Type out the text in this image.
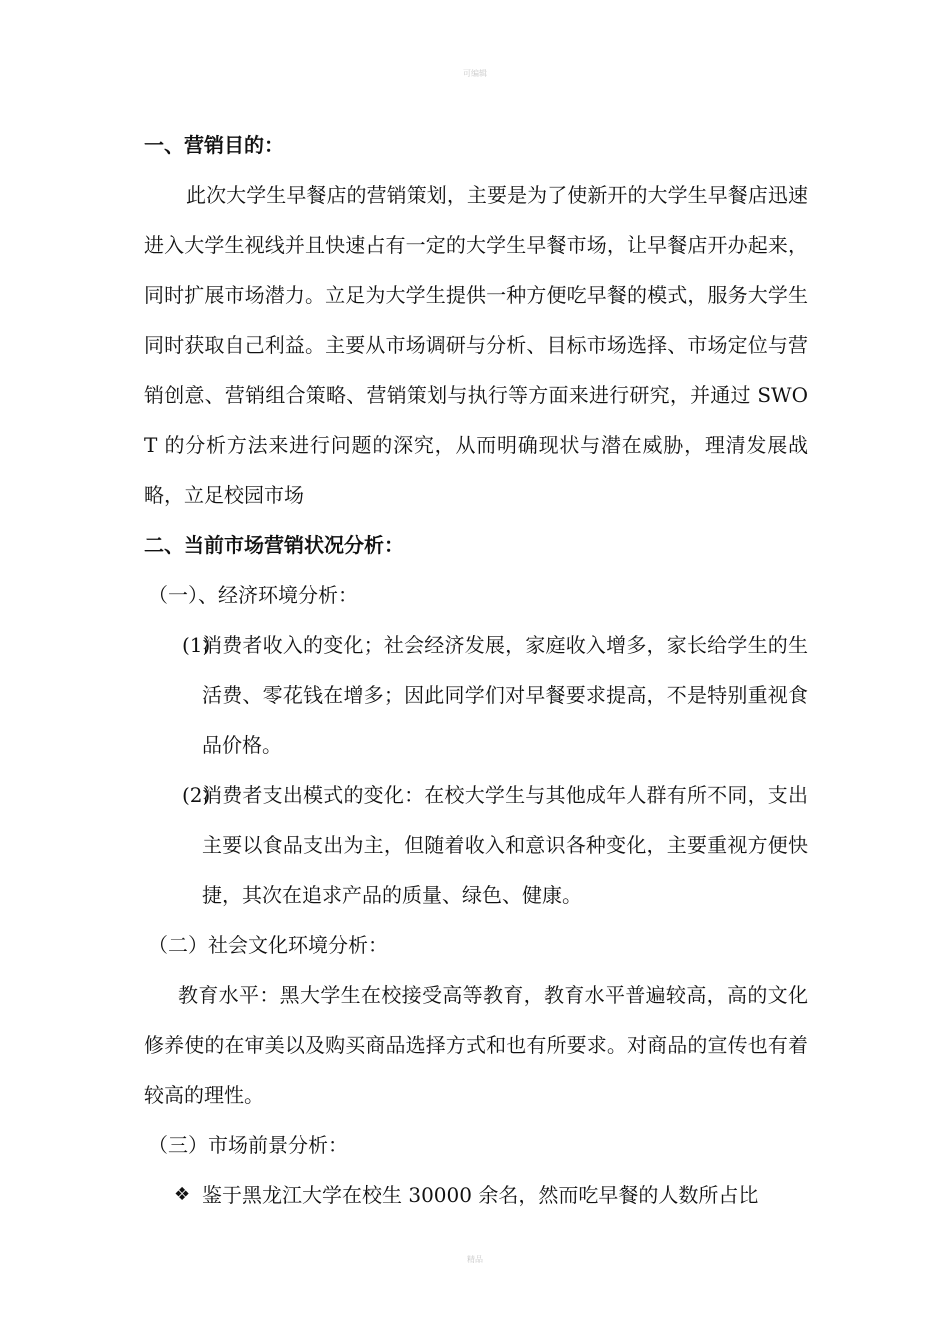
可编辑
一、营销目的：
此次大学生早餐店的营销策划，主要是为了使新开的大学生早餐店迅速进入大学生视线并且快速占有一定的大学生早餐市场，让早餐店开办起来，同时扩展市场潜力。立足为大学生提供一种方便吃早餐的模式，服务大学生同时获取自己利益。主要从市场调研与分析、目标市场选择、市场定位与营销创意、营销组合策略、营销策划与执行等方面来进行研究，并通过 SWOT 的分析方法来进行问题的深究，从而明确现状与潜在威胁，理清发展战略，立足校园市场
二、当前市场营销状况分析：
（一）、经济环境分析：
(1)
消费者收入的变化；社会经济发展，家庭收入增多，家长给学生的生活费、零花钱在增多；因此同学们对早餐要求提高，不是特别重视食品价格。
(2)
消费者支出模式的变化：在校大学生与其他成年人群有所不同，支出主要以食品支出为主，但随着收入和意识各种变化，主要重视方便快捷，其次在追求产品的质量、绿色、健康。
（二）社会文化环境分析：
教育水平：黑大学生在校接受高等教育，教育水平普遍较高，高的文化修养使的在审美以及购买商品选择方式和也有所要求。对商品的宣传也有着较高的理性。
（三）市场前景分析：
❖ 鉴于黑龙江大学在校生 30000 余名，然而吃早餐的人数所占比
精品
